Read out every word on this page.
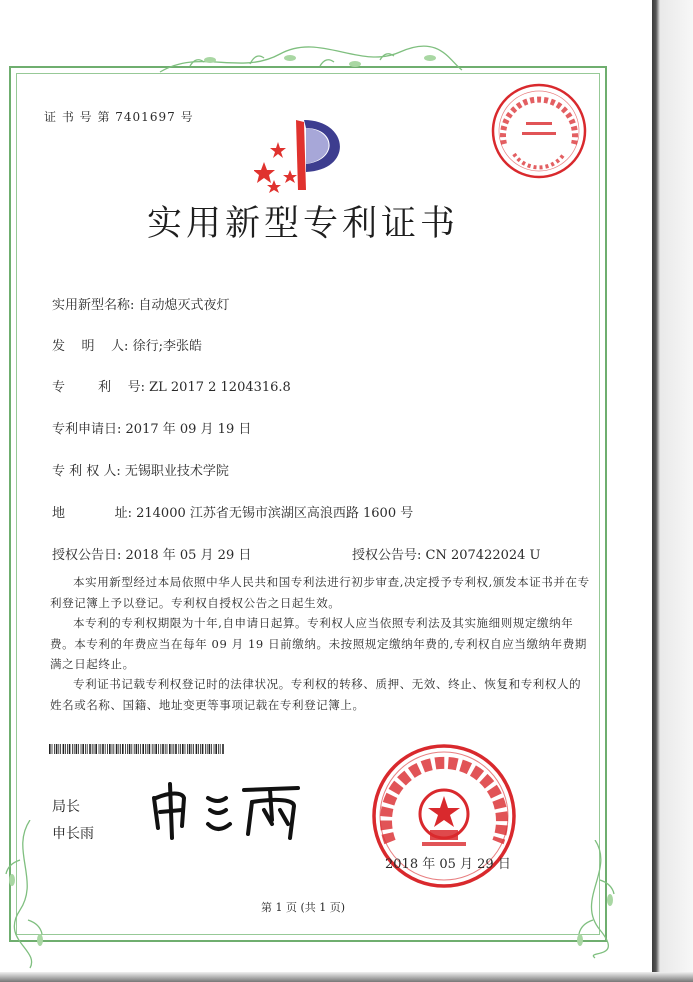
证 书 号 第 7401697 号
实用新型专利证书
实用新型名称: 自动熄灭式夜灯
发    明    人: 徐行;李张皓
专        利    号: ZL 2017 2 1204316.8
专利申请日: 2017 年 09 月 19 日
专 利 权 人: 无锡职业技术学院
地            址: 214000 江苏省无锡市滨湖区高浪西路 1600 号
授权公告日: 2018 年 05 月 29 日	授权公告号: CN 207422024 U
本实用新型经过本局依照中华人民共和国专利法进行初步审查,决定授予专利权,颁发本证书并在专利登记簿上予以登记。专利权自授权公告之日起生效。
本专利的专利权期限为十年,自申请日起算。专利权人应当依照专利法及其实施细则规定缴纳年费。本专利的年费应当在每年 09 月 19 日前缴纳。未按照规定缴纳年费的,专利权自应当缴纳年费期满之日起终止。
专利证书记载专利权登记时的法律状况。专利权的转移、质押、无效、终止、恢复和专利权人的姓名或名称、国籍、地址变更等事项记载在专利登记簿上。
局长
申长雨
2018 年 05 月 29 日
第 1 页 (共 1 页)
